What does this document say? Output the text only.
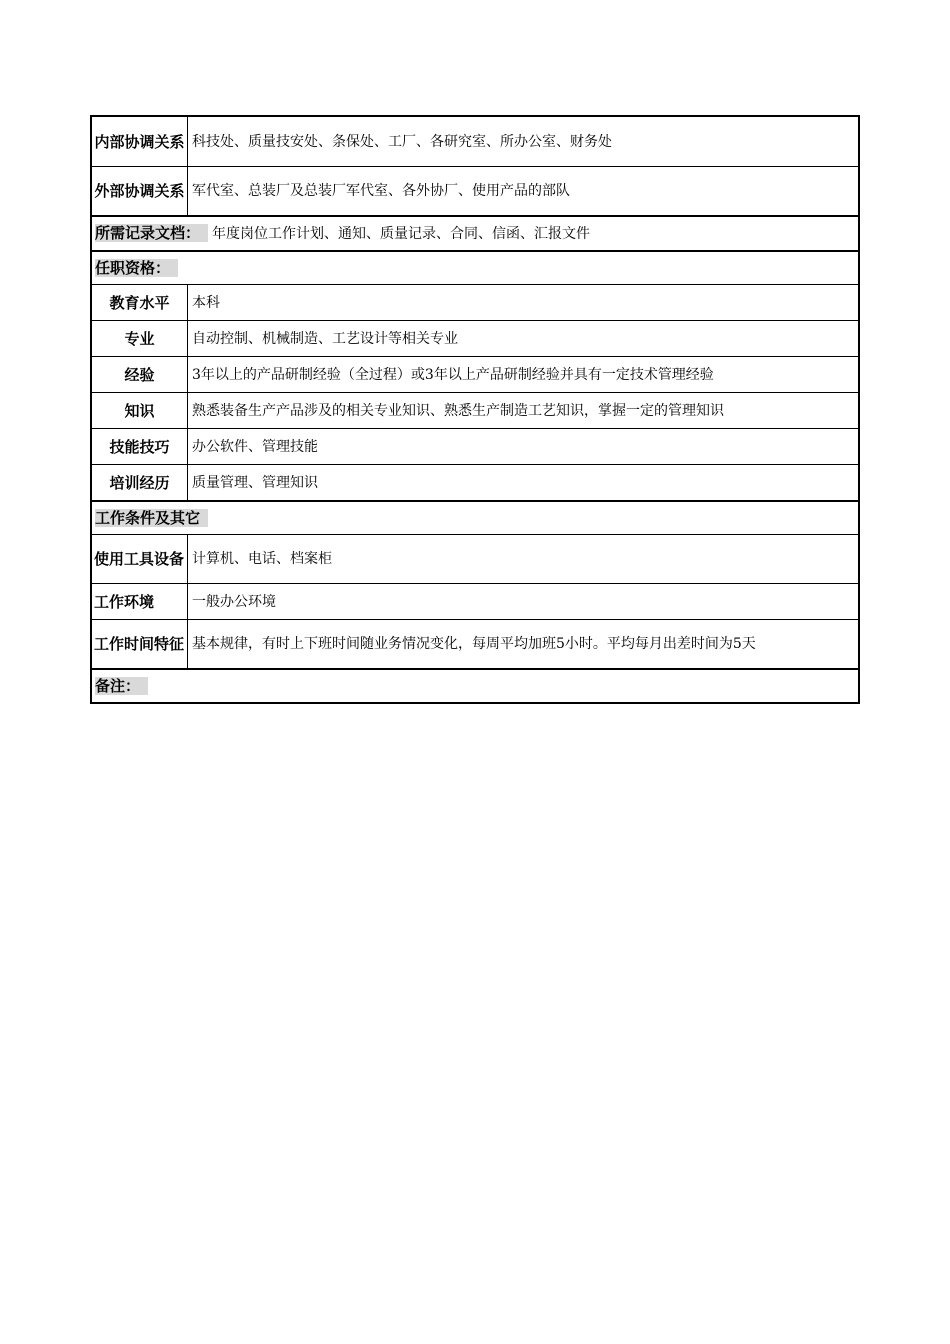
内部协调关系 科技处、质量技安处、条保处、工厂、各研究室、所办公室、财务处
外部协调关系 军代室、总装厂及总装厂军代室、各外协厂、使用产品的部队
所需记录文档： 年度岗位工作计划、通知、质量记录、合同、信函、汇报文件
任职资格：
教育水平	本科
专业	自动控制、机械制造、工艺设计等相关专业
经验	3年以上的产品研制经验（全过程）或3年以上产品研制经验并具有一定技术管理经验
知识	熟悉装备生产产品涉及的相关专业知识、熟悉生产制造工艺知识，掌握一定的管理知识
技能技巧	办公软件、管理技能
培训经历	质量管理、管理知识
工作条件及其它
使用工具设备 计算机、电话、档案柜
工作环境	一般办公环境
工作时间特征 基本规律，有时上下班时间随业务情况变化，每周平均加班5小时。平均每月出差时间为5天
备注：
